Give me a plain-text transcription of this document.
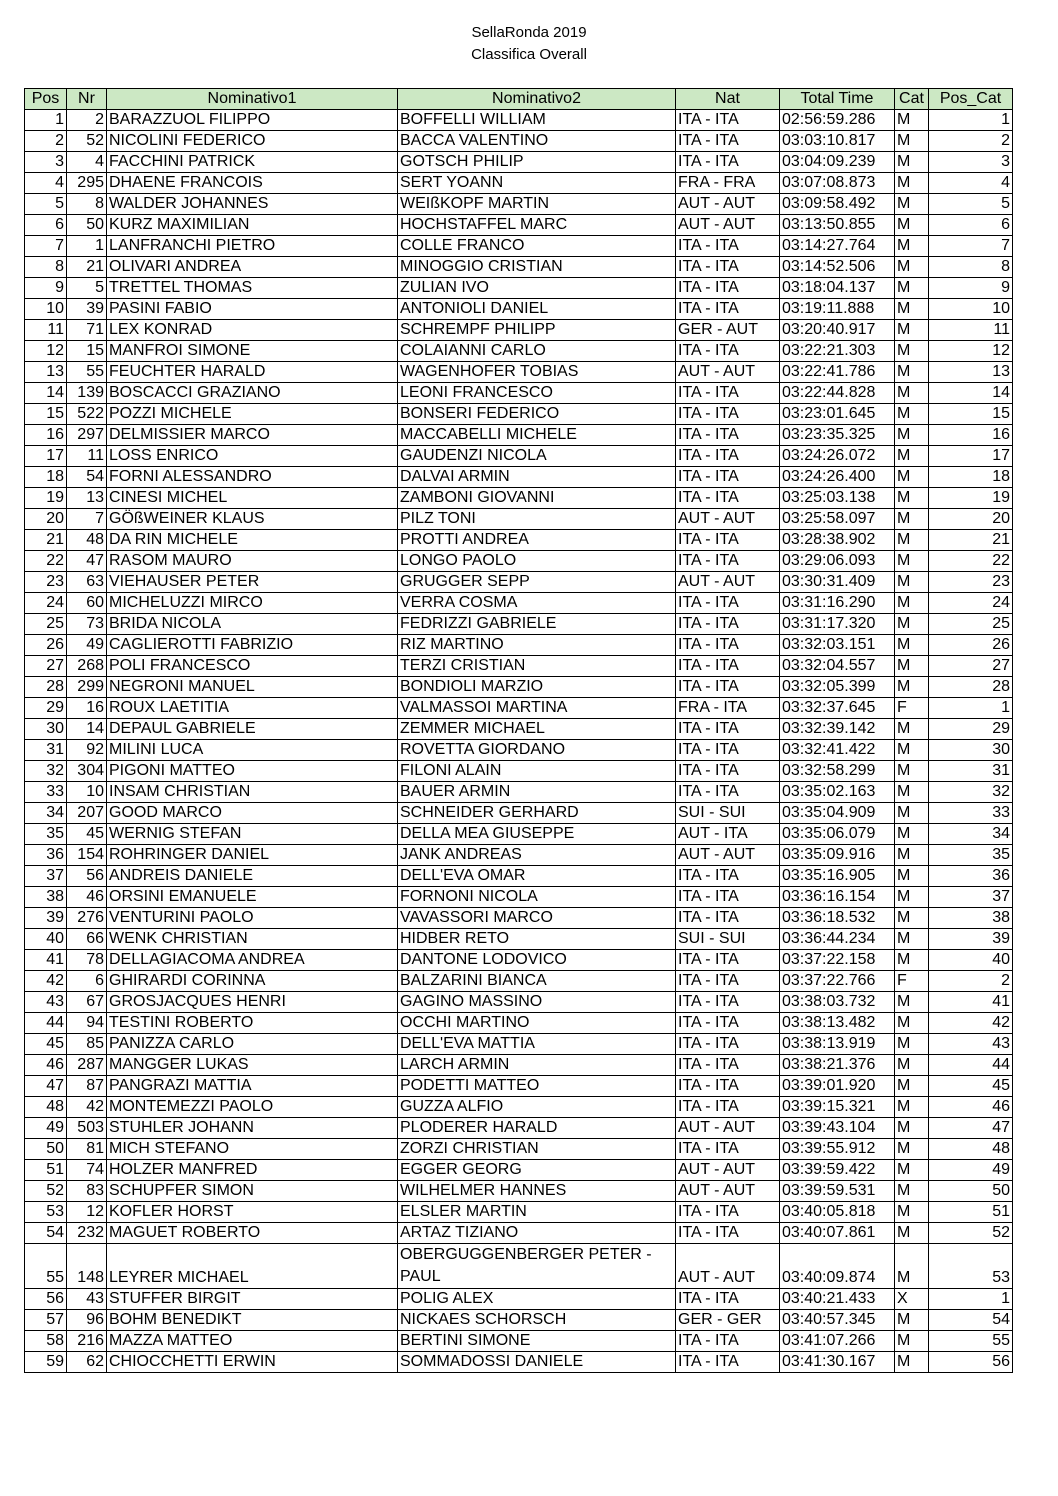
SellaRonda 2019
Classifica Overall
Pos	Nr	Nominativo1	Nominativo2	Nat	Total Time	Cat	Pos_Cat
1	2	BARAZZUOL FILIPPO	BOFFELLI WILLIAM	ITA - ITA	02:56:59.286	M	1
2	52	NICOLINI FEDERICO	BACCA VALENTINO	ITA - ITA	03:03:10.817	M	2
3	4	FACCHINI PATRICK	GOTSCH PHILIP	ITA - ITA	03:04:09.239	M	3
4	295	DHAENE FRANCOIS	SERT YOANN	FRA - FRA	03:07:08.873	M	4
5	8	WALDER JOHANNES	WEIßKOPF MARTIN	AUT - AUT	03:09:58.492	M	5
6	50	KURZ MAXIMILIAN	HOCHSTAFFEL MARC	AUT - AUT	03:13:50.855	M	6
7	1	LANFRANCHI PIETRO	COLLE FRANCO	ITA - ITA	03:14:27.764	M	7
8	21	OLIVARI ANDREA	MINOGGIO CRISTIAN	ITA - ITA	03:14:52.506	M	8
9	5	TRETTEL THOMAS	ZULIAN IVO	ITA - ITA	03:18:04.137	M	9
10	39	PASINI FABIO	ANTONIOLI DANIEL	ITA - ITA	03:19:11.888	M	10
11	71	LEX KONRAD	SCHREMPF PHILIPP	GER - AUT	03:20:40.917	M	11
12	15	MANFROI SIMONE	COLAIANNI CARLO	ITA - ITA	03:22:21.303	M	12
13	55	FEUCHTER HARALD	WAGENHOFER TOBIAS	AUT - AUT	03:22:41.786	M	13
14	139	BOSCACCI GRAZIANO	LEONI FRANCESCO	ITA - ITA	03:22:44.828	M	14
15	522	POZZI MICHELE	BONSERI FEDERICO	ITA - ITA	03:23:01.645	M	15
16	297	DELMISSIER MARCO	MACCABELLI MICHELE	ITA - ITA	03:23:35.325	M	16
17	11	LOSS ENRICO	GAUDENZI NICOLA	ITA - ITA	03:24:26.072	M	17
18	54	FORNI ALESSANDRO	DALVAI ARMIN	ITA - ITA	03:24:26.400	M	18
19	13	CINESI MICHEL	ZAMBONI GIOVANNI	ITA - ITA	03:25:03.138	M	19
20	7	GÖßWEINER KLAUS	PILZ TONI	AUT - AUT	03:25:58.097	M	20
21	48	DA RIN MICHELE	PROTTI ANDREA	ITA - ITA	03:28:38.902	M	21
22	47	RASOM MAURO	LONGO PAOLO	ITA - ITA	03:29:06.093	M	22
23	63	VIEHAUSER PETER	GRUGGER SEPP	AUT - AUT	03:30:31.409	M	23
24	60	MICHELUZZI MIRCO	VERRA COSMA	ITA - ITA	03:31:16.290	M	24
25	73	BRIDA NICOLA	FEDRIZZI GABRIELE	ITA - ITA	03:31:17.320	M	25
26	49	CAGLIEROTTI FABRIZIO	RIZ MARTINO	ITA - ITA	03:32:03.151	M	26
27	268	POLI FRANCESCO	TERZI CRISTIAN	ITA - ITA	03:32:04.557	M	27
28	299	NEGRONI MANUEL	BONDIOLI MARZIO	ITA - ITA	03:32:05.399	M	28
29	16	ROUX LAETITIA	VALMASSOI MARTINA	FRA - ITA	03:32:37.645	F	1
30	14	DEPAUL GABRIELE	ZEMMER MICHAEL	ITA - ITA	03:32:39.142	M	29
31	92	MILINI LUCA	ROVETTA GIORDANO	ITA - ITA	03:32:41.422	M	30
32	304	PIGONI MATTEO	FILONI ALAIN	ITA - ITA	03:32:58.299	M	31
33	10	INSAM CHRISTIAN	BAUER ARMIN	ITA - ITA	03:35:02.163	M	32
34	207	GOOD MARCO	SCHNEIDER GERHARD	SUI - SUI	03:35:04.909	M	33
35	45	WERNIG STEFAN	DELLA MEA GIUSEPPE	AUT - ITA	03:35:06.079	M	34
36	154	ROHRINGER DANIEL	JANK ANDREAS	AUT - AUT	03:35:09.916	M	35
37	56	ANDREIS DANIELE	DELL'EVA OMAR	ITA - ITA	03:35:16.905	M	36
38	46	ORSINI EMANUELE	FORNONI NICOLA	ITA - ITA	03:36:16.154	M	37
39	276	VENTURINI PAOLO	VAVASSORI MARCO	ITA - ITA	03:36:18.532	M	38
40	66	WENK CHRISTIAN	HIDBER RETO	SUI - SUI	03:36:44.234	M	39
41	78	DELLAGIACOMA ANDREA	DANTONE LODOVICO	ITA - ITA	03:37:22.158	M	40
42	6	GHIRARDI CORINNA	BALZARINI BIANCA	ITA - ITA	03:37:22.766	F	2
43	67	GROSJACQUES HENRI	GAGINO MASSINO	ITA - ITA	03:38:03.732	M	41
44	94	TESTINI ROBERTO	OCCHI MARTINO	ITA - ITA	03:38:13.482	M	42
45	85	PANIZZA CARLO	DELL'EVA MATTIA	ITA - ITA	03:38:13.919	M	43
46	287	MANGGER LUKAS	LARCH ARMIN	ITA - ITA	03:38:21.376	M	44
47	87	PANGRAZI MATTIA	PODETTI MATTEO	ITA - ITA	03:39:01.920	M	45
48	42	MONTEMEZZI PAOLO	GUZZA ALFIO	ITA - ITA	03:39:15.321	M	46
49	503	STUHLER JOHANN	PLODERER HARALD	AUT - AUT	03:39:43.104	M	47
50	81	MICH STEFANO	ZORZI CHRISTIAN	ITA - ITA	03:39:55.912	M	48
51	74	HOLZER MANFRED	EGGER GEORG	AUT - AUT	03:39:59.422	M	49
52	83	SCHUPFER SIMON	WILHELMER HANNES	AUT - AUT	03:39:59.531	M	50
53	12	KOFLER HORST	ELSLER MARTIN	ITA - ITA	03:40:05.818	M	51
54	232	MAGUET ROBERTO	ARTAZ TIZIANO	ITA - ITA	03:40:07.861	M	52
55	148	LEYRER MICHAEL	OBERGUGGENBERGER PETER - PAUL	AUT - AUT	03:40:09.874	M	53
56	43	STUFFER BIRGIT	POLIG ALEX	ITA - ITA	03:40:21.433	X	1
57	96	BOHM BENEDIKT	NICKAES SCHORSCH	GER - GER	03:40:57.345	M	54
58	216	MAZZA MATTEO	BERTINI SIMONE	ITA - ITA	03:41:07.266	M	55
59	62	CHIOCCHETTI ERWIN	SOMMADOSSI DANIELE	ITA - ITA	03:41:30.167	M	56
